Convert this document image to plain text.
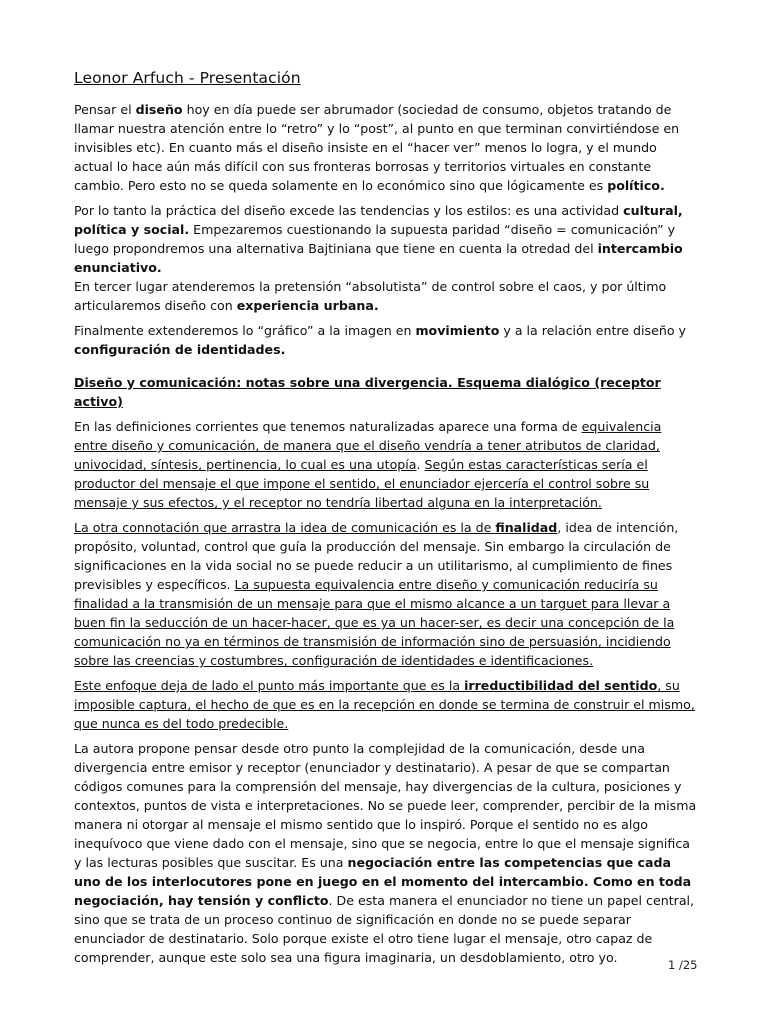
Leonor Arfuch - Presentación

Pensar el diseño hoy en día puede ser abrumador (sociedad de consumo, objetos tratando de llamar nuestra atención entre lo “retro” y lo “post”, al punto en que terminan convirtiéndose en invisibles etc). En cuanto más el diseño insiste en el “hacer ver” menos lo logra, y el mundo actual lo hace aún más difícil con sus fronteras borrosas y territorios virtuales en constante cambio. Pero esto no se queda solamente en lo económico sino que lógicamente es político.

Por lo tanto la práctica del diseño excede las tendencias y los estilos: es una actividad cultural, política y social. Empezaremos cuestionando la supuesta paridad “diseño = comunicación” y luego propondremos una alternativa Bajtiniana que tiene en cuenta la otredad del intercambio enunciativo.

En tercer lugar atenderemos la pretensión “absolutista” de control sobre el caos, y por último articularemos diseño con experiencia urbana.

Finalmente extenderemos lo “gráfico” a la imagen en movimiento y a la relación entre diseño y configuración de identidades.

Diseño y comunicación: notas sobre una divergencia. Esquema dialógico (receptor activo)

En las definiciones corrientes que tenemos naturalizadas aparece una forma de equivalencia entre diseño y comunicación, de manera que el diseño vendría a tener atributos de claridad, univocidad, síntesis, pertinencia, lo cual es una utopía. Según estas características sería el productor del mensaje el que impone el sentido, el enunciador ejercería el control sobre su mensaje y sus efectos, y el receptor no tendría libertad alguna en la interpretación.

La otra connotación que arrastra la idea de comunicación es la de finalidad, idea de intención, propósito, voluntad, control que guía la producción del mensaje. Sin embargo la circulación de significaciones en la vida social no se puede reducir a un utilitarismo, al cumplimiento de fines previsibles y específicos. La supuesta equivalencia entre diseño y comunicación reduciría su finalidad a la transmisión de un mensaje para que el mismo alcance a un targuet para llevar a buen fin la seducción de un hacer-hacer, que es ya un hacer-ser, es decir una concepción de la comunicación no ya en términos de transmisión de información sino de persuasión, incidiendo sobre las creencias y costumbres, configuración de identidades e identificaciones.

Este enfoque deja de lado el punto más importante que es la irreductibilidad del sentido, su imposible captura, el hecho de que es en la recepción en donde se termina de construir el mismo, que nunca es del todo predecible.

La autora propone pensar desde otro punto la complejidad de la comunicación, desde una divergencia entre emisor y receptor (enunciador y destinatario). A pesar de que se compartan códigos comunes para la comprensión del mensaje, hay divergencias de la cultura, posiciones y contextos, puntos de vista e interpretaciones. No se puede leer, comprender, percibir de la misma manera ni otorgar al mensaje el mismo sentido que lo inspiró. Porque el sentido no es algo inequívoco que viene dado con el mensaje, sino que se negocia, entre lo que el mensaje significa y las lecturas posibles que suscitar. Es una negociación entre las competencias que cada uno de los interlocutores pone en juego en el momento del intercambio. Como en toda negociación, hay tensión y conflicto. De esta manera el enunciador no tiene un papel central, sino que se trata de un proceso continuo de significación en donde no se puede separar enunciador de destinatario. Solo porque existe el otro tiene lugar el mensaje, otro capaz de comprender, aunque este solo sea una figura imaginaria, un desdoblamiento, otro yo.	1 /25
